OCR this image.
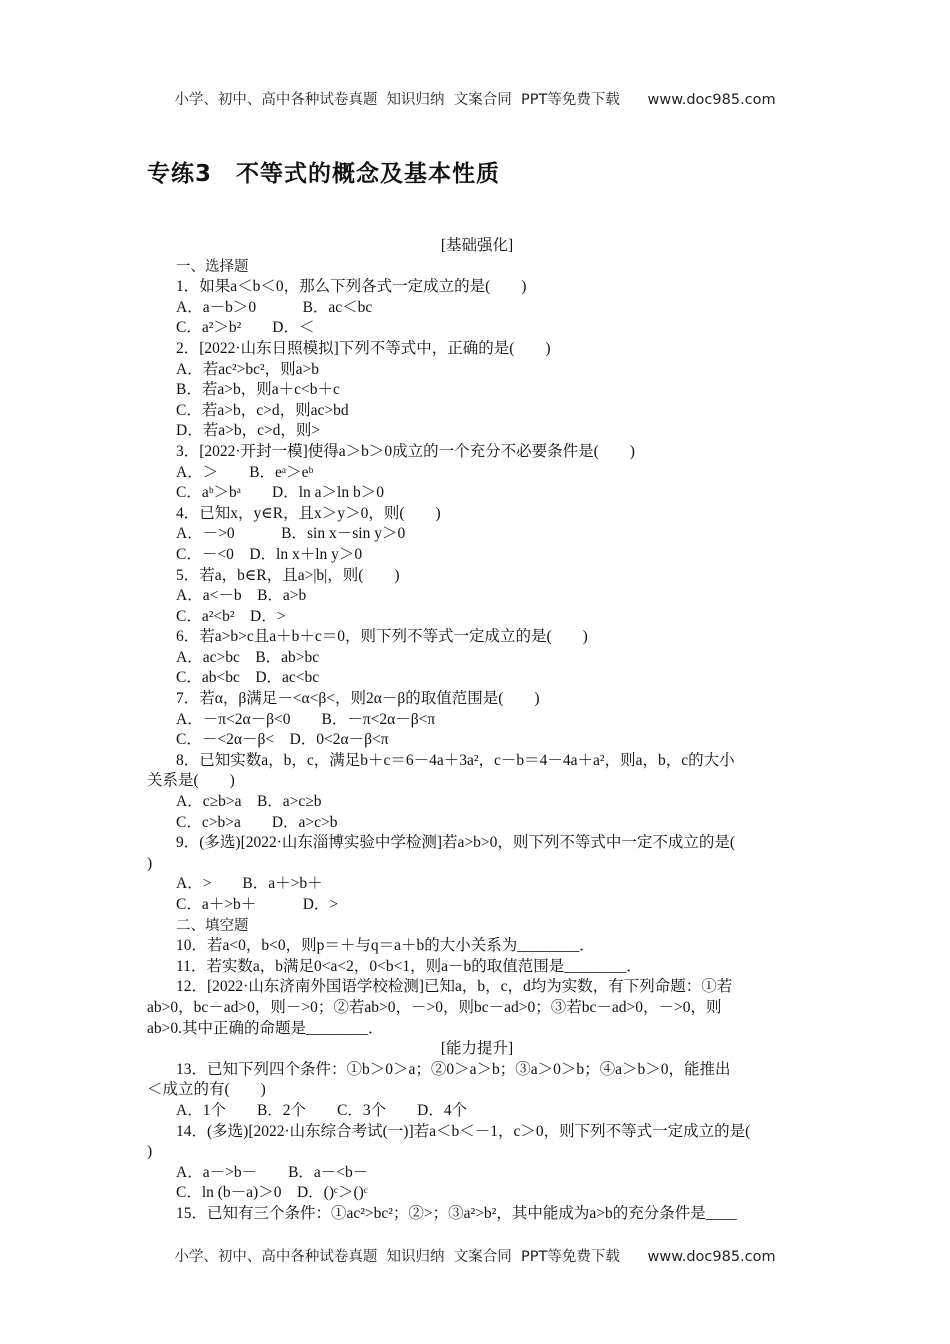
小学、初中、高中各种试卷真题  知识归纳  文案合同  PPT等免费下载      www.doc985.com
专练3　不等式的概念及基本性质
[基础强化]
一、选择题
1．如果a＜b＜0，那么下列各式一定成立的是(　　)
A．a－b＞0　　　B．ac＜bc
C．a²＞b²　　D．＜
2．[2022·山东日照模拟]下列不等式中，正确的是(　　)
A．若ac²>bc²，则a>b
B．若a>b，则a＋c<b＋c
C．若a>b，c>d，则ac>bd
D．若a>b，c>d，则>
3．[2022·开封一模]使得a＞b＞0成立的一个充分不必要条件是(　　)
A．＞　　B．eᵃ＞eᵇ
C．aᵇ＞bᵃ　　D．ln a＞ln b＞0
4．已知x，y∈R，且x＞y＞0，则(　　)
A．－>0　　　B．sin x－sin y＞0
C．－<0　D．ln x＋ln y＞0
5．若a，b∈R，且a>|b|，则(　　)
A．a<－b　B．a>b
C．a²<b²　D．>
6．若a>b>c且a＋b＋c＝0，则下列不等式一定成立的是(　　)
A．ac>bc　B．ab>bc
C．ab<bc　D．ac<bc
7．若α，β满足－<α<β<，则2α－β的取值范围是(　　)
A．－π<2α－β<0　　B．－π<2α－β<π
C．－<2α－β<　D．0<2α－β<π
8．已知实数a，b，c，满足b＋c＝6－4a＋3a²，c－b＝4－4a＋a²，则a，b，c的大小
关系是(　　)
A．c≥b>a　B．a>c≥b
C．c>b>a　　D．a>c>b
9．(多选)[2022·山东淄博实验中学检测]若a>b>0，则下列不等式中一定不成立的是(
)
A．>　　B．a＋>b＋
C．a＋>b＋　　　D．>
二、填空题
10．若a<0，b<0，则p＝＋与q＝a＋b的大小关系为________．
11．若实数a，b满足0<a<2，0<b<1，则a－b的取值范围是________．
12．[2022·山东济南外国语学校检测]已知a，b，c，d均为实数，有下列命题：①若
ab>0，bc－ad>0，则－>0；②若ab>0，－>0，则bc－ad>0；③若bc－ad>0，－>0，则
ab>0.其中正确的命题是________．
[能力提升]
13．已知下列四个条件：①b＞0＞a；②0＞a＞b；③a＞0＞b；④a＞b＞0，能推出
＜成立的有(　　)
A．1个　　B．2个　　C．3个　　D．4个
14．(多选)[2022·山东综合考试(一)]若a＜b＜－1，c＞0，则下列不等式一定成立的是(
)
A．a－>b－　　B．a－<b－
C．ln (b－a)＞0　D．()ᶜ＞()ᶜ
15．已知有三个条件：①ac²>bc²；②>；③a²>b²，其中能成为a>b的充分条件是____
小学、初中、高中各种试卷真题  知识归纳  文案合同  PPT等免费下载      www.doc985.com
